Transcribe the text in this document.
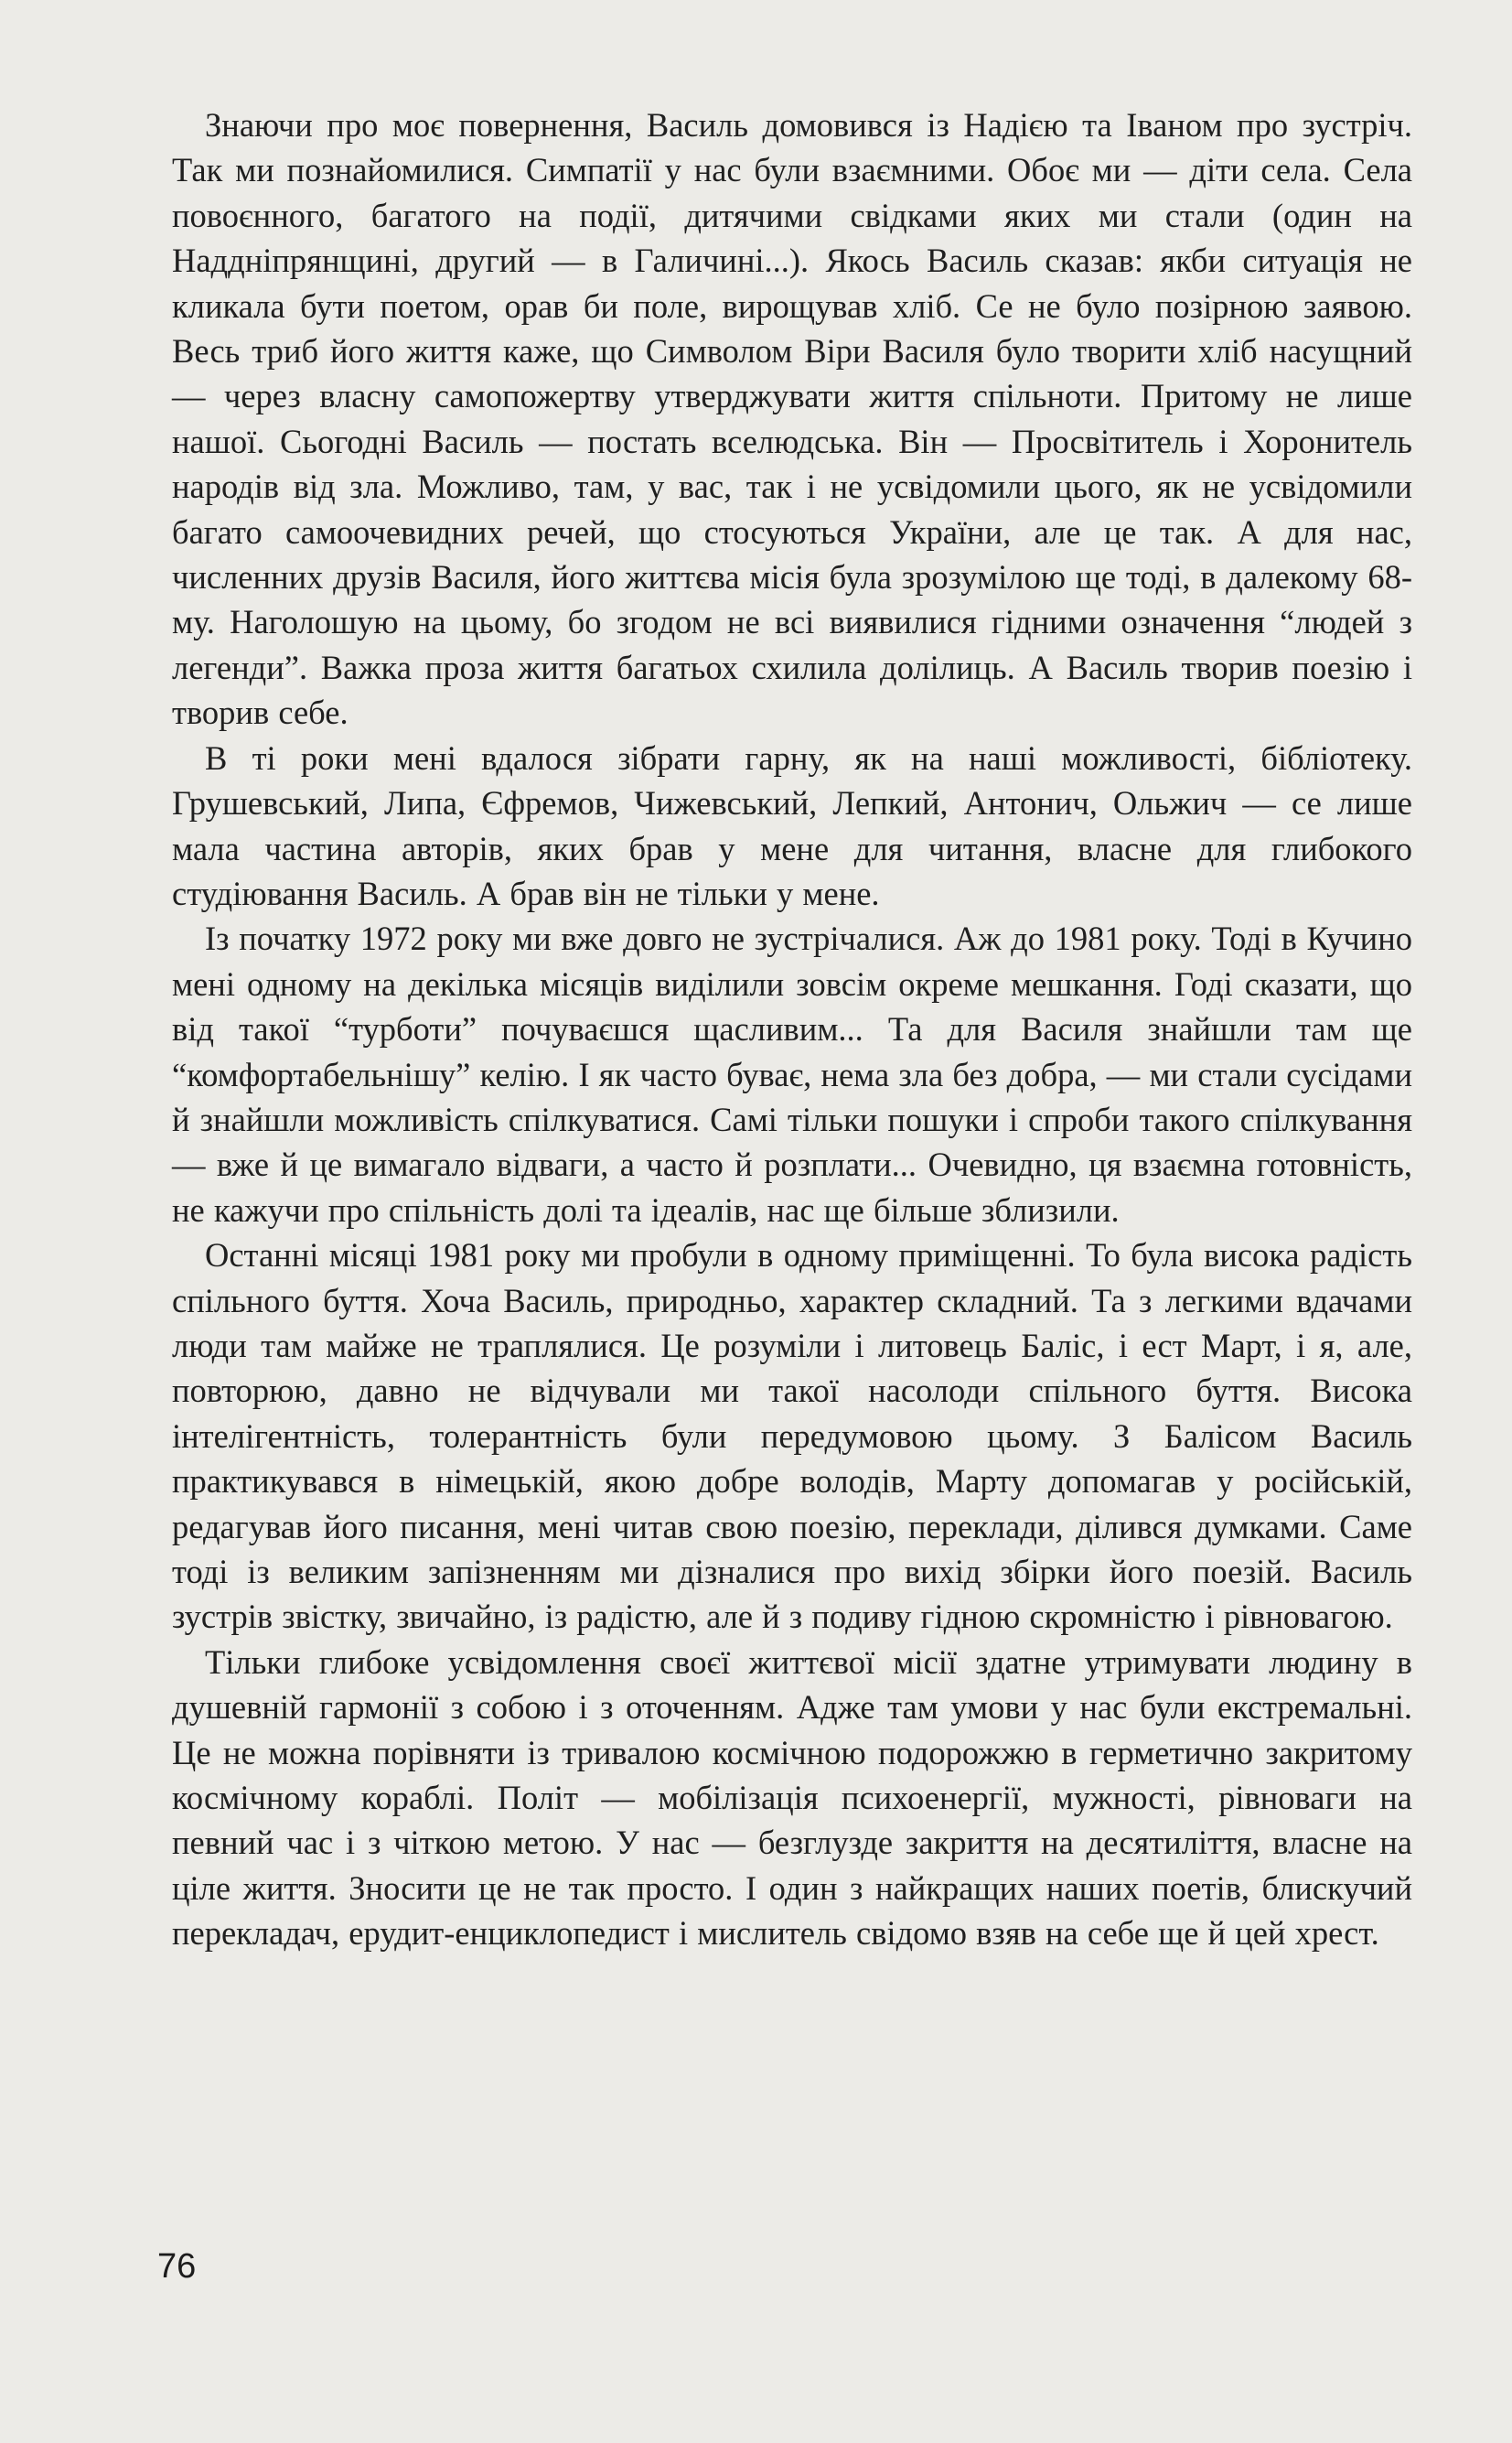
Знаючи про моє повернення, Василь домовився із Надією та Іваном про зустріч. Так ми познайомилися. Симпатії у нас були взаємними. Обоє ми — діти села. Села повоєнного, багатого на події, дитячими свідками яких ми стали (один на Наддніпрянщині, другий — в Галичині...). Якось Василь сказав: якби ситуація не кликала бути поетом, орав би поле, вирощував хліб. Се не було позірною заявою. Весь триб його життя каже, що Символом Віри Василя було творити хліб насущний — через власну самопожертву утверджувати життя спільноти. Притому не лише нашої. Сьогодні Василь — постать вселюдська. Він — Просвітитель і Хоронитель народів від зла. Можливо, там, у вас, так і не усвідомили цього, як не усвідомили багато самоочевидних речей, що стосуються України, але це так. А для нас, численних друзів Василя, його життєва місія була зрозумілою ще тоді, в далекому 68-му. Наголошую на цьому, бо згодом не всі виявилися гідними означення “людей з легенди”. Важка проза життя багатьох схилила долілиць. А Василь творив поезію і творив себе.

В ті роки мені вдалося зібрати гарну, як на наші можливості, бібліотеку. Грушевський, Липа, Єфремов, Чижевський, Лепкий, Антонич, Ольжич — се лише мала частина авторів, яких брав у мене для читання, власне для глибокого студіювання Василь. А брав він не тільки у мене.

Із початку 1972 року ми вже довго не зустрічалися. Аж до 1981 року. Тоді в Кучино мені одному на декілька місяців виділили зовсім окреме мешкання. Годі сказати, що від такої “турботи” почуваєшся щасливим... Та для Василя знайшли там ще “комфортабельнішу” келію. І як часто буває, нема зла без добра, — ми стали сусідами й знайшли можливість спілкуватися. Самі тільки пошуки і спроби такого спілкування — вже й це вимагало відваги, а часто й розплати... Очевидно, ця взаємна готовність, не кажучи про спільність долі та ідеалів, нас ще більше зблизили.

Останні місяці 1981 року ми пробули в одному приміщенні. То була висока радість спільного буття. Хоча Василь, природньо, характер складний. Та з легкими вдачами люди там майже не траплялися. Це розуміли і литовець Баліс, і ест Март, і я, але, повторюю, давно не відчували ми такої насолоди спільного буття. Висока інтелігентність, толерантність були передумовою цьому. З Балісом Василь практикувався в німецькій, якою добре володів, Марту допомагав у російській, редагував його писання, мені читав свою поезію, переклади, ділився думками. Саме тоді із великим запізненням ми дізналися про вихід збірки його поезій. Василь зустрів звістку, звичайно, із радістю, але й з подиву гідною скромністю і рівновагою.

Тільки глибоке усвідомлення своєї життєвої місії здатне утримувати людину в душевній гармонії з собою і з оточенням. Адже там умови у нас були екстремальні. Це не можна порівняти із тривалою космічною подорожжю в герметично закритому космічному кораблі. Політ — мобілізація психоенергії, мужності, рівноваги на певний час і з чіткою метою. У нас — безглузде закриття на десятиліття, власне на ціле життя. Зносити це не так просто. І один з найкращих наших поетів, блискучий перекладач, ерудит-енциклопедист і мислитель свідомо взяв на себе ще й цей хрест.

76
